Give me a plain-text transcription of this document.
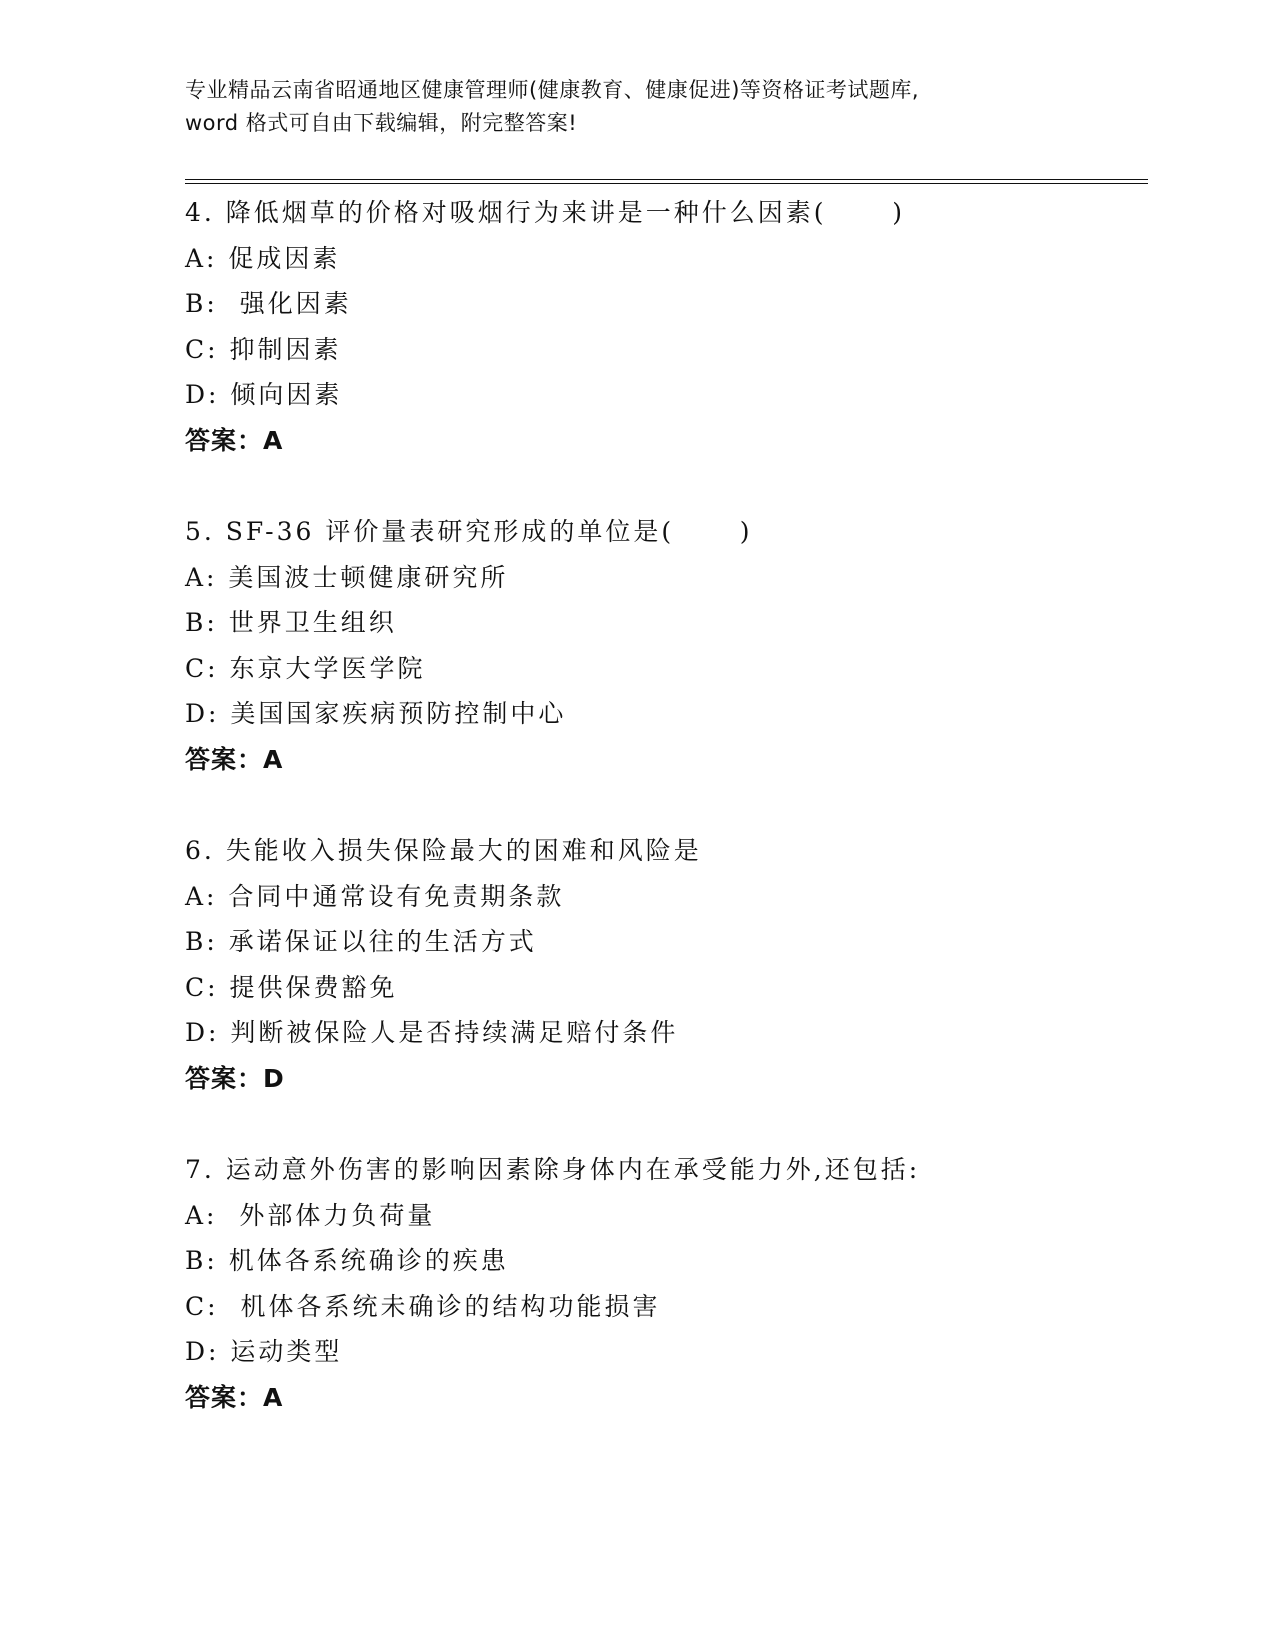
专业精品云南省昭通地区健康管理师(健康教育、健康促进)等资格证考试题库,
word 格式可自由下载编辑，附完整答案!
4. 降低烟草的价格对吸烟行为来讲是一种什么因素(      )
A: 促成因素
B:  强化因素
C: 抑制因素
D: 倾向因素
答案：A
5. SF-36 评价量表研究形成的单位是(      )
A: 美国波士顿健康研究所
B: 世界卫生组织
C: 东京大学医学院
D: 美国国家疾病预防控制中心
答案：A
6. 失能收入损失保险最大的困难和风险是
A: 合同中通常设有免责期条款
B: 承诺保证以往的生活方式
C: 提供保费豁免
D: 判断被保险人是否持续满足赔付条件
答案：D
7. 运动意外伤害的影响因素除身体内在承受能力外,还包括:
A:  外部体力负荷量
B: 机体各系统确诊的疾患
C:  机体各系统未确诊的结构功能损害
D: 运动类型
答案：A
